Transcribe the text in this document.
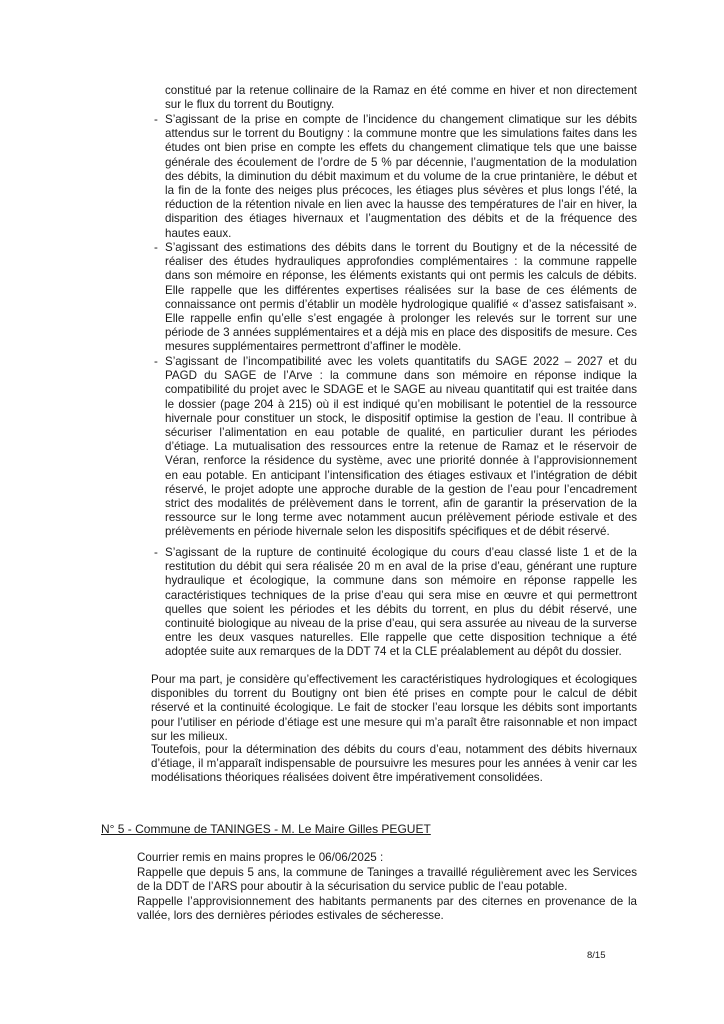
constitué par la retenue collinaire de la Ramaz en été comme en hiver et non directement sur le flux du torrent du Boutigny.

- S’agissant de la prise en compte de l’incidence du changement climatique sur les débits attendus sur le torrent du Boutigny : la commune montre que les simulations faites dans les études ont bien prise en compte les effets du changement climatique tels que une baisse générale des écoulement de l’ordre de 5 % par décennie, l’augmentation de la modulation des débits, la diminution du débit maximum et du volume de la crue printanière, le début et la fin de la fonte des neiges plus précoces, les étiages plus sévères et plus longs l’été, la réduction de la rétention nivale en lien avec la hausse des températures de l’air en hiver, la disparition des étiages hivernaux et l’augmentation des débits et de la fréquence des hautes eaux.
- S’agissant des estimations des débits dans le torrent du Boutigny et de la nécessité de réaliser des études hydrauliques approfondies complémentaires : la commune rappelle dans son mémoire en réponse, les éléments existants qui ont permis les calculs de débits. Elle rappelle que les différentes expertises réalisées sur la base de ces éléments de connaissance ont permis d’établir un modèle hydrologique qualifié « d’assez satisfaisant ». Elle rappelle enfin qu’elle s’est engagée à prolonger les relevés sur le torrent sur une période de 3 années supplémentaires et a déjà mis en place des dispositifs de mesure. Ces mesures supplémentaires permettront d’affiner le modèle.
- S’agissant de l’incompatibilité avec les volets quantitatifs du SAGE 2022 – 2027 et du PAGD du SAGE de l’Arve : la commune dans son mémoire en réponse indique la compatibilité du projet avec le SDAGE et le SAGE au niveau quantitatif qui est traitée dans le dossier (page 204 à 215) où il est indiqué qu’en mobilisant le potentiel de la ressource hivernale pour constituer un stock, le dispositif optimise la gestion de l’eau. Il contribue à sécuriser l’alimentation en eau potable de qualité, en particulier durant les périodes d’étiage. La mutualisation des ressources entre la retenue de Ramaz et le réservoir de Véran, renforce la résidence du système, avec une priorité donnée à l’approvisionnement en eau potable. En anticipant l’intensification des étiages estivaux et l’intégration de débit réservé, le projet adopte une approche durable de la gestion de l’eau pour l’encadrement strict des modalités de prélèvement dans le torrent, afin de garantir la préservation de la ressource sur le long terme avec notamment aucun prélèvement période estivale et des prélèvements en période hivernale selon les dispositifs spécifiques et de débit réservé.
- S’agissant de la rupture de continuité écologique du cours d’eau classé liste 1 et de la restitution du débit qui sera réalisée 20 m en aval de la prise d’eau, générant une rupture hydraulique et écologique, la commune dans son mémoire en réponse rappelle les caractéristiques techniques de la prise d’eau qui sera mise en œuvre et qui permettront quelles que soient les périodes et les débits du torrent, en plus du débit réservé, une continuité biologique au niveau de la prise d’eau, qui sera assurée au niveau de la surverse entre les deux vasques naturelles. Elle rappelle que cette disposition technique a été adoptée suite aux remarques de la DDT 74 et la CLE préalablement au dépôt du dossier.

Pour ma part, je considère qu’effectivement les caractéristiques hydrologiques et écologiques disponibles du torrent du Boutigny ont bien été prises en compte pour le calcul de débit réservé et la continuité écologique. Le fait de stocker l’eau lorsque les débits sont importants pour l’utiliser en période d’étiage est une mesure qui m’a paraît être raisonnable et non impact sur les milieux.

Toutefois, pour la détermination des débits du cours d’eau, notamment des débits hivernaux d’étiage, il m’apparaît indispensable de poursuivre les mesures pour les années à venir car les modélisations théoriques réalisées doivent être impérativement consolidées.

N° 5 - Commune de TANINGES - M. Le Maire Gilles PEGUET

Courrier remis en mains propres le 06/06/2025 :

Rappelle que depuis 5 ans, la commune de Taninges a travaillé régulièrement avec les Services de la DDT de l’ARS pour aboutir à la sécurisation du service public de l’eau potable.

Rappelle l’approvisionnement des habitants permanents par des citernes en provenance de la vallée, lors des dernières périodes estivales de sécheresse.

8/15
